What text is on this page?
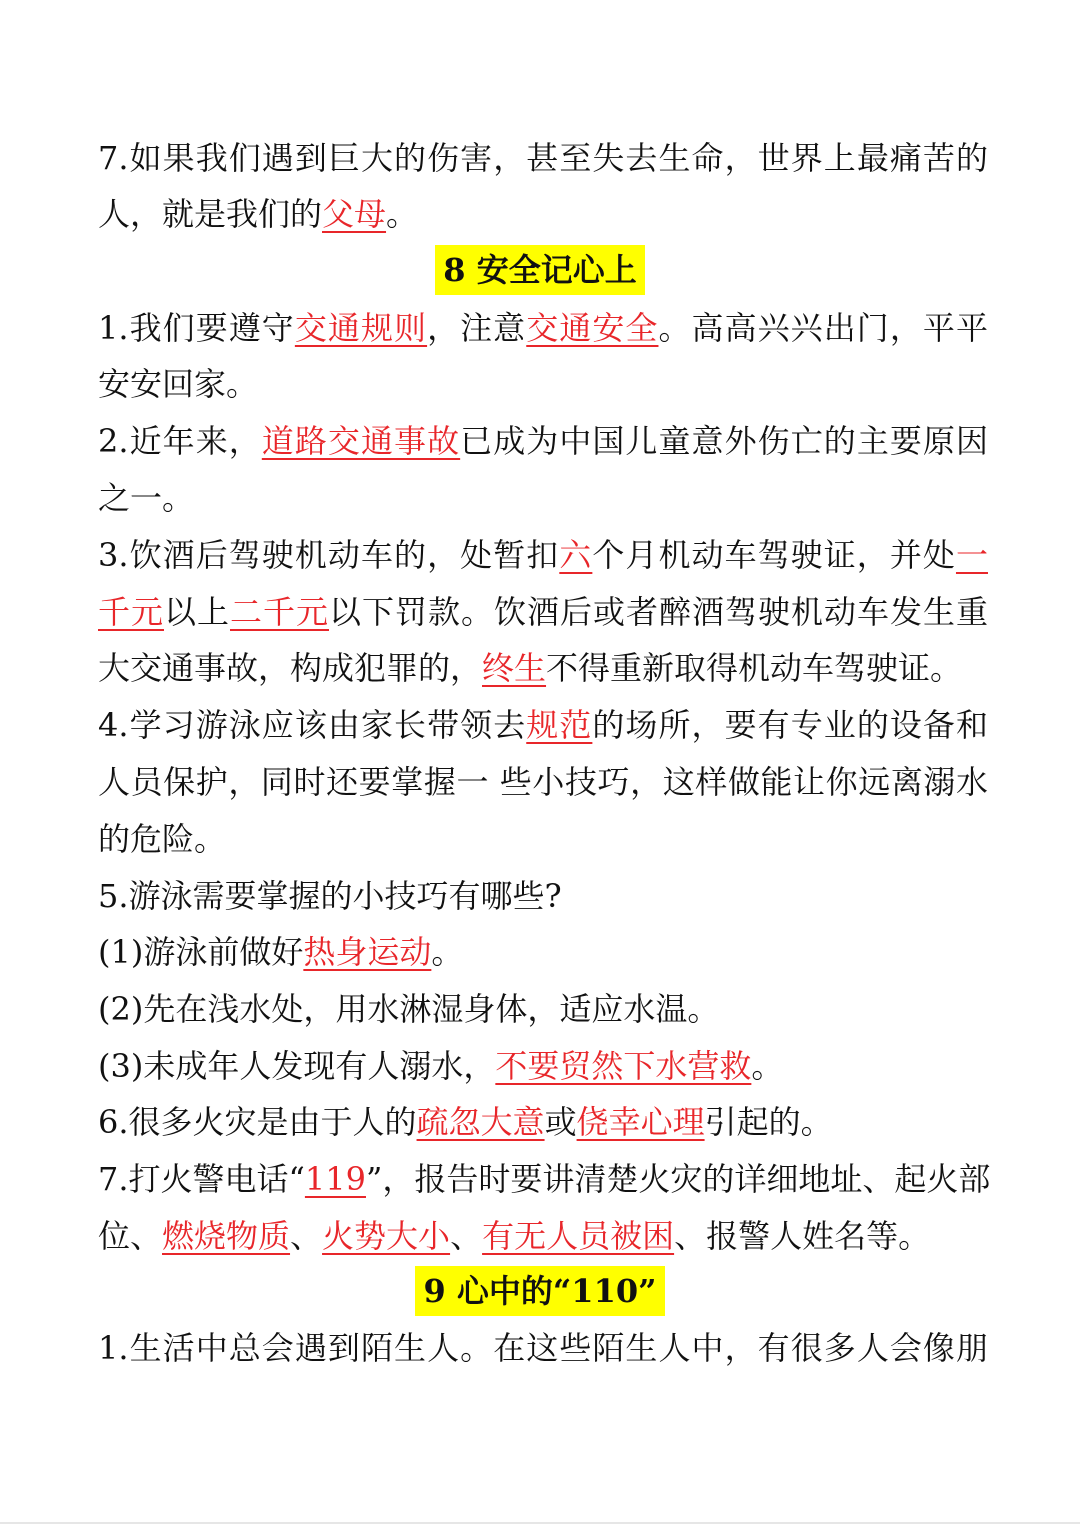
7.如果我们遇到巨大的伤害，甚至失去生命，世界上最痛苦的
人，就是我们的父母。
8 安全记心上
1.我们要遵守交通规则，注意交通安全。高高兴兴出门，平平
安安回家。
2.近年来，道路交通事故已成为中国儿童意外伤亡的主要原因
之一。
3.饮酒后驾驶机动车的，处暂扣六个月机动车驾驶证，并处一
千元以上二千元以下罚款。饮酒后或者醉酒驾驶机动车发生重
大交通事故，构成犯罪的，终生不得重新取得机动车驾驶证。
4.学习游泳应该由家长带领去规范的场所，要有专业的设备和
人员保护，同时还要掌握一 些小技巧，这样做能让你远离溺水
的危险。
5.游泳需要掌握的小技巧有哪些?
(1)游泳前做好热身运动。
(2)先在浅水处，用水淋湿身体，适应水温。
(3)未成年人发现有人溺水，不要贸然下水营救。
6.很多火灾是由于人的疏忽大意或侥幸心理引起的。
7.打火警电话“119”，报告时要讲清楚火灾的详细地址、起火部
位、燃烧物质、火势大小、有无人员被困、报警人姓名等。
9 心中的“110”
1.生活中总会遇到陌生人。在这些陌生人中，有很多人会像朋
